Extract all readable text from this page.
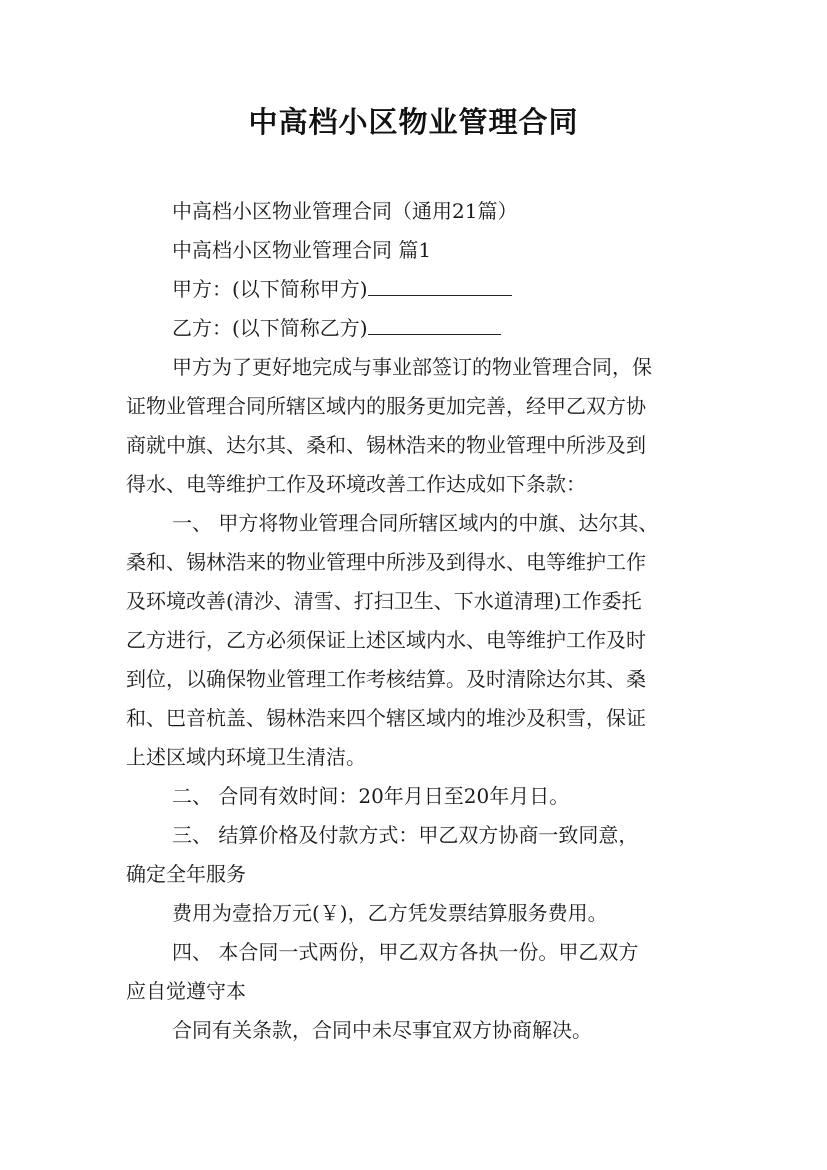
中高档小区物业管理合同
中高档小区物业管理合同（通用21篇）
中高档小区物业管理合同 篇1
甲方：(以下简称甲方)
乙方：(以下简称乙方)
甲方为了更好地完成与事业部签订的物业管理合同，保
证物业管理合同所辖区域内的服务更加完善，经甲乙双方协
商就中旗、达尔其、桑和、锡林浩来的物业管理中所涉及到
得水、电等维护工作及环境改善工作达成如下条款：
一、 甲方将物业管理合同所辖区域内的中旗、达尔其、
桑和、锡林浩来的物业管理中所涉及到得水、电等维护工作
及环境改善(清沙、清雪、打扫卫生、下水道清理)工作委托
乙方进行，乙方必须保证上述区域内水、电等维护工作及时
到位，以确保物业管理工作考核结算。及时清除达尔其、桑
和、巴音杭盖、锡林浩来四个辖区域内的堆沙及积雪，保证
上述区域内环境卫生清洁。
二、 合同有效时间：20年月日至20年月日。
三、 结算价格及付款方式：甲乙双方协商一致同意，
确定全年服务
费用为壹拾万元(￥)，乙方凭发票结算服务费用。
四、 本合同一式两份，甲乙双方各执一份。甲乙双方
应自觉遵守本
合同有关条款，合同中未尽事宜双方协商解决。
